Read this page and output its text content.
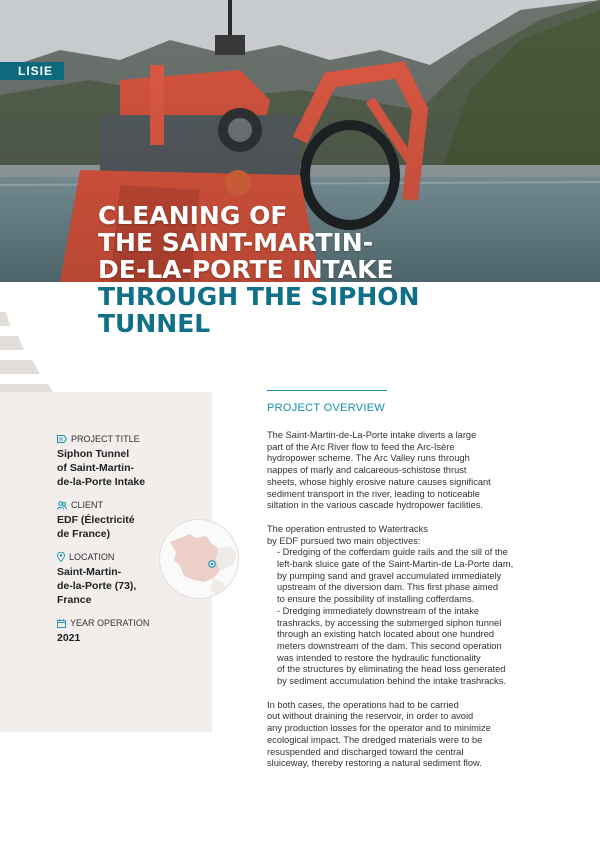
LISIE
CLEANING OF
THE SAINT-MARTIN-
DE-LA-PORTE INTAKE
THROUGH THE SIPHON
TUNNEL
PROJECT TITLE
Siphon Tunnel
of Saint-Martin-
de-la-Porte Intake
CLIENT
EDF (Électricité
de France)
LOCATION
Saint-Martin-
de-la-Porte (73),
France
YEAR OPERATION
2021
PROJECT OVERVIEW

The Saint-Martin-de-La-Porte intake diverts a large
part of the Arc River flow to feed the Arc-Isère
hydropower scheme. The Arc Valley runs through
nappes of marly and calcareous-schistose thrust
sheets, whose highly erosive nature causes significant
sediment transport in the river, leading to noticeable
siltation in the various cascade hydropower facilities.

The operation entrusted to Watertracks
by EDF pursued two main objectives:
- Dredging of the cofferdam guide rails and the sill of the
left-bank sluice gate of the Saint-Martin-de La-Porte dam,
by pumping sand and gravel accumulated immediately
upstream of the diversion dam. This first phase aimed
to ensure the possibility of installing cofferdams.
- Dredging immediately downstream of the intake
trashracks, by accessing the submerged siphon tunnel
through an existing hatch located about one hundred
meters downstream of the dam. This second operation
was intended to restore the hydraulic functionality
of the structures by eliminating the head loss generated
by sediment accumulation behind the intake trashracks.

In both cases, the operations had to be carried
out without draining the reservoir, in order to avoid
any production losses for the operator and to minimize
ecological impact. The dredged materials were to be
resuspended and discharged toward the central
sluiceway, thereby restoring a natural sediment flow.
